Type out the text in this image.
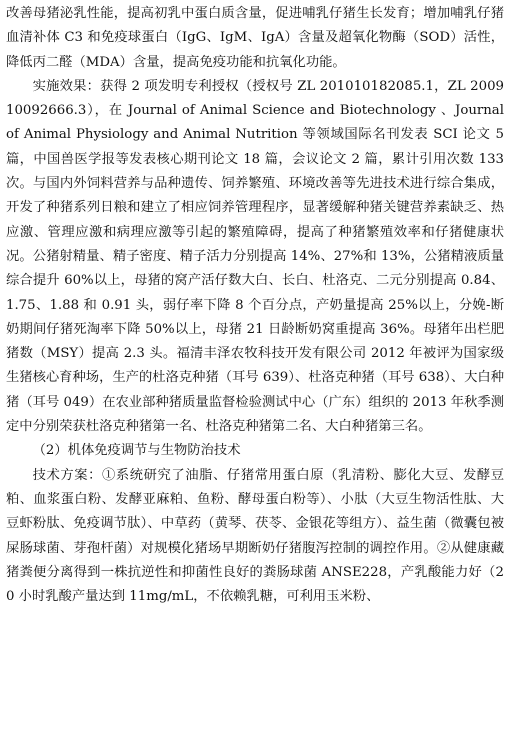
改善母猪泌乳性能，提高初乳中蛋白质含量，促进哺乳仔猪生长发育；增加哺乳仔猪血清补体 C3 和免疫球蛋白（IgG、IgM、IgA）含量及超氧化物酶（SOD）活性，降低丙二醛（MDA）含量，提高免疫功能和抗氧化功能。

实施效果：获得 2 项发明专利授权（授权号 ZL 201010182085.1，ZL 200910092666.3），在 Journal of Animal Science and Biotechnology 、Journal of Animal Physiology and Animal Nutrition 等领域国际名刊发表 SCI 论文 5 篇，中国兽医学报等发表核心期刊论文 18 篇，会议论文 2 篇，累计引用次数 133 次。与国内外饲料营养与品种遗传、饲养繁殖、环境改善等先进技术进行综合集成，开发了种猪系列日粮和建立了相应饲养管理程序，显著缓解种猪关键营养素缺乏、热应激、管理应激和病理应激等引起的繁殖障碍，提高了种猪繁殖效率和仔猪健康状况。公猪射精量、精子密度、精子活力分别提高 14%、27%和 13%，公猪精液质量综合提升 60%以上，母猪的窝产活仔数大白、长白、杜洛克、二元分别提高 0.84、1.75、1.88 和 0.91 头，弱仔率下降 8 个百分点，产奶量提高 25%以上，分娩-断奶期间仔猪死淘率下降 50%以上，母猪 21 日龄断奶窝重提高 36%。母猪年出栏肥猪数（MSY）提高 2.3 头。福清丰泽农牧科技开发有限公司 2012 年被评为国家级生猪核心育种场，生产的杜洛克种猪（耳号 639）、杜洛克种猪（耳号 638）、大白种猪（耳号 049）在农业部种猪质量监督检验测试中心（广东）组织的 2013 年秋季测定中分别荣获杜洛克种猪第一名、杜洛克种猪第二名、大白种猪第三名。

（2）机体免疫调节与生物防治技术

技术方案：①系统研究了油脂、仔猪常用蛋白原（乳清粉、膨化大豆、发酵豆粕、血浆蛋白粉、发酵亚麻粕、鱼粉、酵母蛋白粉等）、小肽（大豆生物活性肽、大豆虾粉肽、免疫调节肽）、中草药（黄琴、茯苓、金银花等组方）、益生菌（微囊包被屎肠球菌、芽孢杆菌）对规模化猪场早期断奶仔猪腹泻控制的调控作用。②从健康藏猪粪便分离得到一株抗逆性和抑菌性良好的粪肠球菌 ANSE228，产乳酸能力好（20 小时乳酸产量达到 11mg/mL，不依赖乳糖，可利用玉米粉、
